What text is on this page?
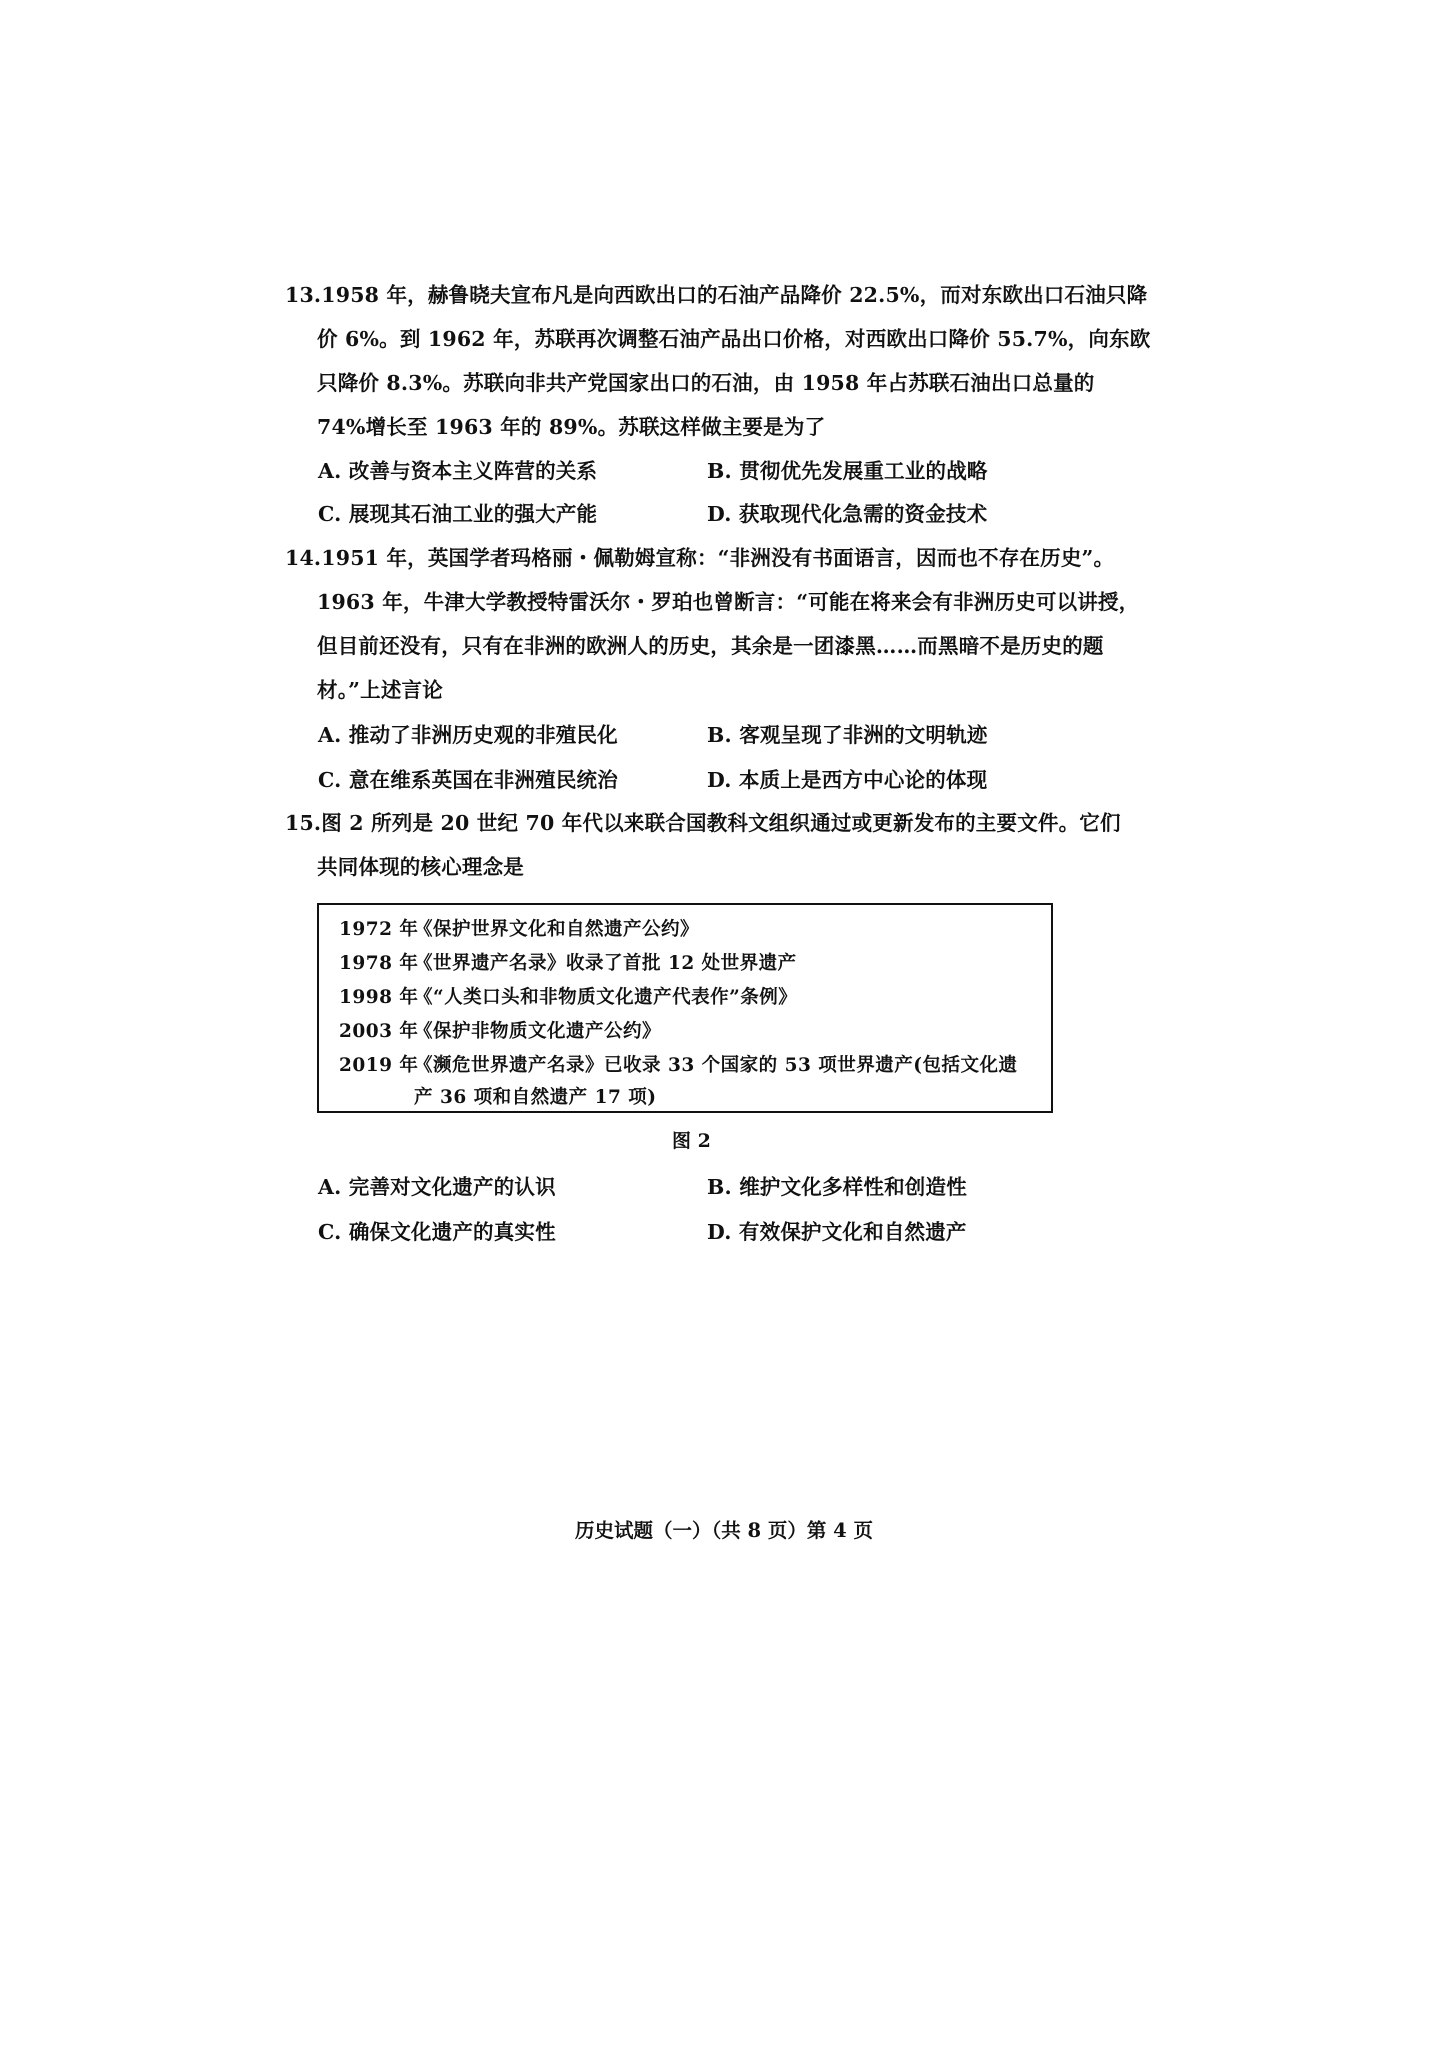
13.1958 年，赫鲁晓夫宣布凡是向西欧出口的石油产品降价 22.5%，而对东欧出口石油只降
价 6%。到 1962 年，苏联再次调整石油产品出口价格，对西欧出口降价 55.7%，向东欧
只降价 8.3%。苏联向非共产党国家出口的石油，由 1958 年占苏联石油出口总量的
74%增长至 1963 年的 89%。苏联这样做主要是为了
A. 改善与资本主义阵营的关系	B. 贯彻优先发展重工业的战略
C. 展现其石油工业的强大产能	D. 获取现代化急需的资金技术
14.1951 年，英国学者玛格丽・佩勒姆宣称：“非洲没有书面语言，因而也不存在历史”。
1963 年，牛津大学教授特雷沃尔・罗珀也曾断言：“可能在将来会有非洲历史可以讲授，
但目前还没有，只有在非洲的欧洲人的历史，其余是一团漆黑……而黑暗不是历史的题
材。”上述言论
A. 推动了非洲历史观的非殖民化	B. 客观呈现了非洲的文明轨迹
C. 意在维系英国在非洲殖民统治	D. 本质上是西方中心论的体现
15.图 2 所列是 20 世纪 70 年代以来联合国教科文组织通过或更新发布的主要文件。它们
共同体现的核心理念是
1972 年《保护世界文化和自然遗产公约》
1978 年《世界遗产名录》收录了首批 12 处世界遗产
1998 年《“人类口头和非物质文化遗产代表作”条例》
2003 年《保护非物质文化遗产公约》
2019 年《濒危世界遗产名录》已收录 33 个国家的 53 项世界遗产(包括文化遗
产 36 项和自然遗产 17 项)
图 2
A. 完善对文化遗产的认识	B. 维护文化多样性和创造性
C. 确保文化遗产的真实性	D. 有效保护文化和自然遗产
历史试题（一）（共 8 页）第 4 页
